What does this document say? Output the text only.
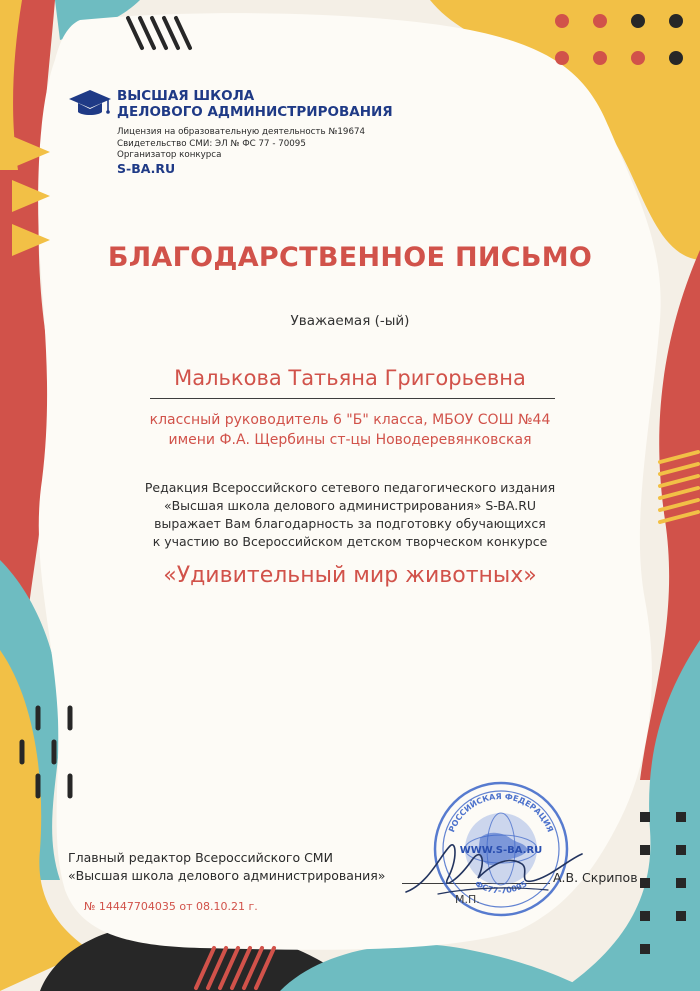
ВЫСШАЯ ШКОЛА
ДЕЛОВОГО АДМИНИСТРИРОВАНИЯ
Лицензия на образовательную деятельность №19674
Свидетельство СМИ: ЭЛ № ФС 77 - 70095
Организатор конкурса
S-BA.RU
БЛАГОДАРСТВЕННОЕ ПИСЬМО
Уважаемая (-ый)
Малькова Татьяна Григорьевна
классный руководитель 6 "Б" класса, МБОУ СОШ №44
имени Ф.А. Щербины ст-цы Новодеревянковская
Редакция Всероссийского сетевого педагогического издания
«Высшая школа делового администрирования» S-BA.RU
выражает Вам благодарность за подготовку обучающихся
к участию во Всероссийском детском творческом конкурсе
«Удивительный мир животных»
Главный редактор Всероссийского СМИ
«Высшая школа делового администрирования»
РОССИЙСКАЯ ФЕДЕРАЦИЯ
ФС77-70095
WWW.S-BA.RU
М.П.
А.В. Скрипов
№ 14447704035 от 08.10.21 г.
